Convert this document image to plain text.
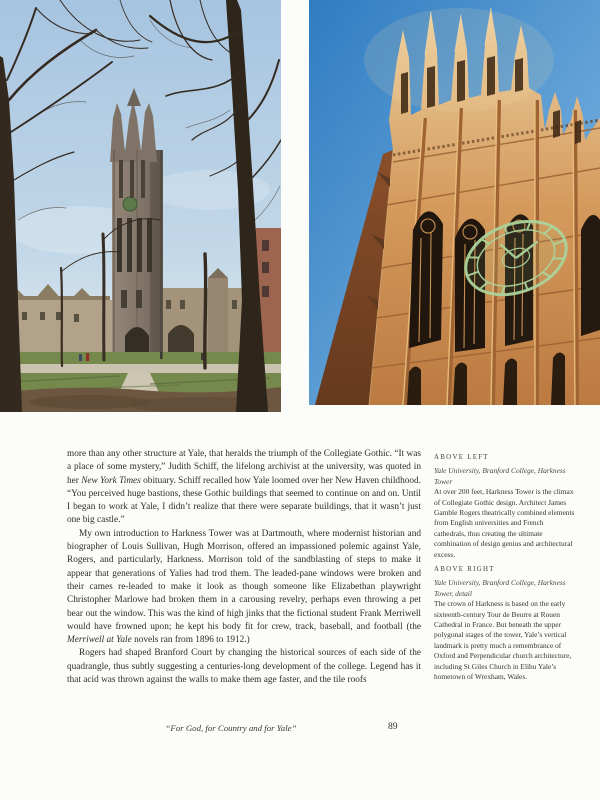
more than any other structure at Yale, that heralds the triumph of the Collegiate Gothic. “It was a place of some mystery,” Judith Schiff, the lifelong archivist at the university, was quoted in her New York Times obituary. Schiff recalled how Yale loomed over her New Haven childhood. “You perceived huge bastions, these Gothic buildings that seemed to continue on and on. Until I began to work at Yale, I didn’t realize that there were separate buildings, that it wasn’t just one big castle.”

My own introduction to Harkness Tower was at Dartmouth, where modernist historian and biographer of Louis Sullivan, Hugh Morrison, offered an impassioned polemic against Yale, Rogers, and particularly, Harkness. Morrison told of the sandblasting of steps to make it appear that generations of Yalies had trod them. The leaded-pane windows were broken and their cames re-leaded to make it look as though someone like Elizabethan playwright Christopher Marlowe had broken them in a carousing revelry, perhaps even throwing a pet bear out the window. This was the kind of high jinks that the fictional student Frank Merriwell would have frowned upon; he kept his body fit for crew, track, baseball, and football (the Merriwell at Yale novels ran from 1896 to 1912.)

Rogers had shaped Branford Court by changing the historical sources of each side of the quadrangle, thus subtly suggesting a centuries-long development of the college. Legend has it that acid was thrown against the walls to make them age faster, and the tile roofs

ABOVE LEFT
Yale University, Branford College, Harkness Tower
At over 200 feet, Harkness Tower is the climax of Collegiate Gothic design. Architect James Gamble Rogers theatrically combined elements from English universities and French cathedrals, thus creating the ultimate combination of design genius and architectural excess.
ABOVE RIGHT
Yale University, Branford College, Harkness Tower, detail
The crown of Harkness is based on the early sixteenth-century Tour de Beurre at Rouen Cathedral in France. But beneath the upper polygonal stages of the tower, Yale’s vertical landmark is pretty much a remembrance of Oxford and Perpendicular church architecture, including St Giles Church in Elihu Yale’s hometown of Wrexham, Wales.
“For God, for Country and for Yale”	89
